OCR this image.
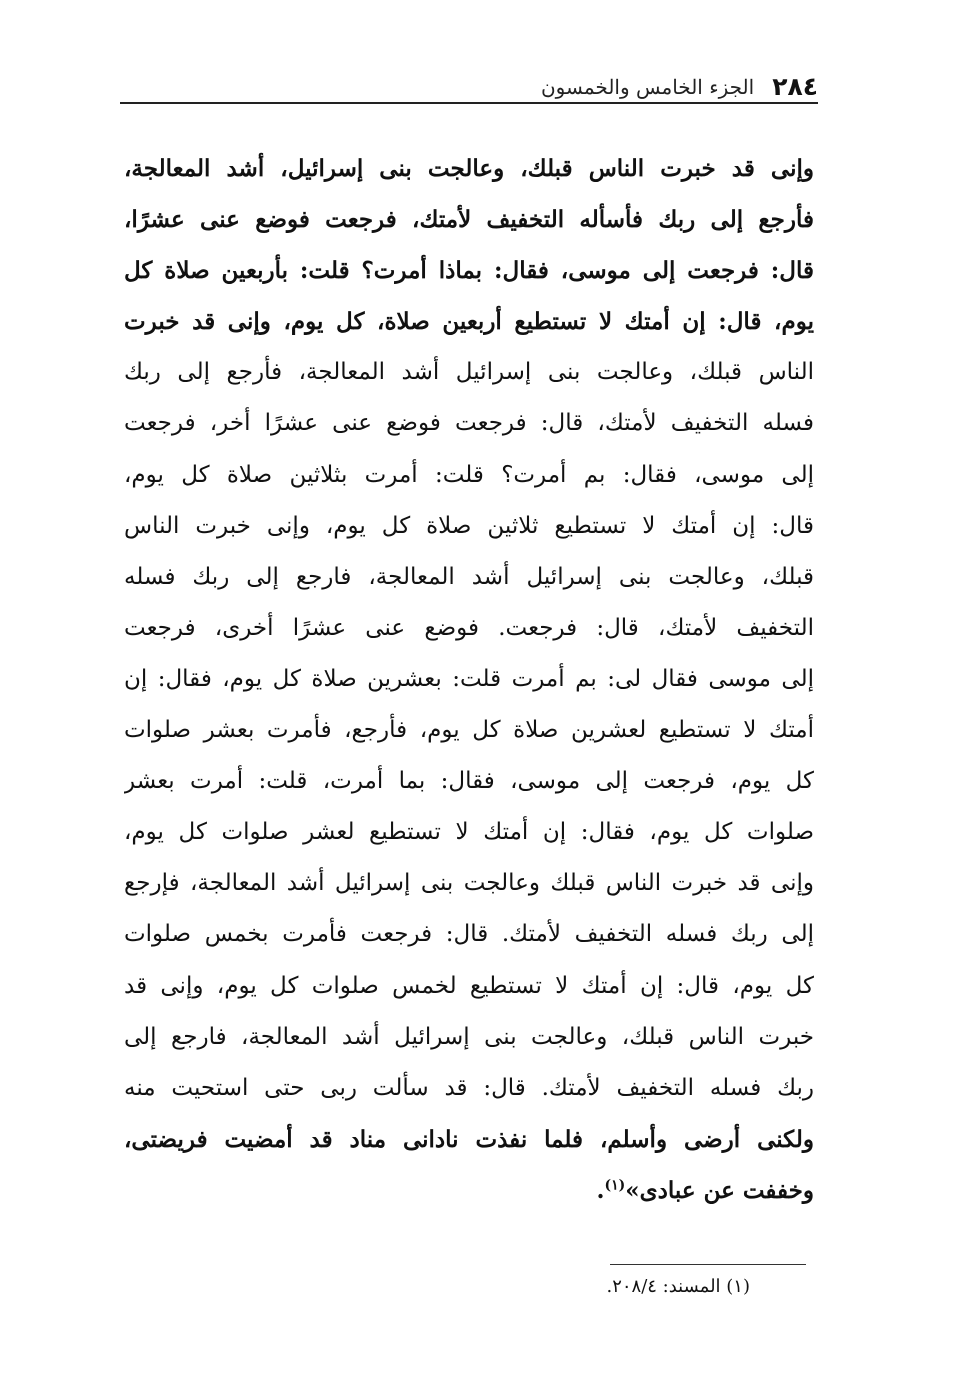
٢٨٤
الجزء الخامس والخمسون
وإنى قد خبرت الناس قبلك، وعالجت بنى إسرائيل، أشد المعالجة،
فأرجع إلى ربك فأسأله التخفيف لأمتك، فرجعت فوضع عنى عشرًا،
قال: فرجعت إلى موسى، فقال: بماذا أمرت؟ قلت: بأربعين صلاة كل
يوم، قال: إن أمتك لا تستطيع أربعين صلاة، كل يوم، وإنى قد خبرت
الناس قبلك، وعالجت بنى إسرائيل أشد المعالجة، فأرجع إلى ربك
فسله التخفيف لأمتك، قال: فرجعت فوضع عنى عشرًا أخر، فرجعت
إلى موسى، فقال: بم أمرت؟ قلت: أمرت بثلاثين صلاة كل يوم،
قال: إن أمتك لا تستطيع ثلاثين صلاة كل يوم، وإنى خبرت الناس
قبلك، وعالجت بنى إسرائيل أشد المعالجة، فارجع إلى ربك فسله
التخفيف لأمتك، قال: فرجعت. فوضع عنى عشرًا أخرى، فرجعت
إلى موسى فقال لى: بم أمرت قلت: بعشرين صلاة كل يوم، فقال: إن
أمتك لا تستطيع لعشرين صلاة كل يوم، فأرجع، فأمرت بعشر صلوات
كل يوم، فرجعت إلى موسى، فقال: بما أمرت، قلت: أمرت بعشر
صلوات كل يوم، فقال: إن أمتك لا تستطيع لعشر صلوات كل يوم،
وإنى قد خبرت الناس قبلك وعالجت بنى إسرائيل أشد المعالجة، فإرجع
إلى ربك فسله التخفيف لأمتك. قال: فرجعت فأمرت بخمس صلوات
كل يوم، قال: إن أمتك لا تستطيع لخمس صلوات كل يوم، وإنى قد
خبرت الناس قبلك، وعالجت بنى إسرائيل أشد المعالجة، فارجع إلى
ربك فسله التخفيف لأمتك. قال: قد سألت ربى حتى استحيت منه
ولكنى أرضى وأسلم، فلما نفذت نادانى مناد قد أمضيت فريضتى،
وخففت عن عبادى»$^{(١)}$.
(١) المسند: ٢٠٨/٤.
